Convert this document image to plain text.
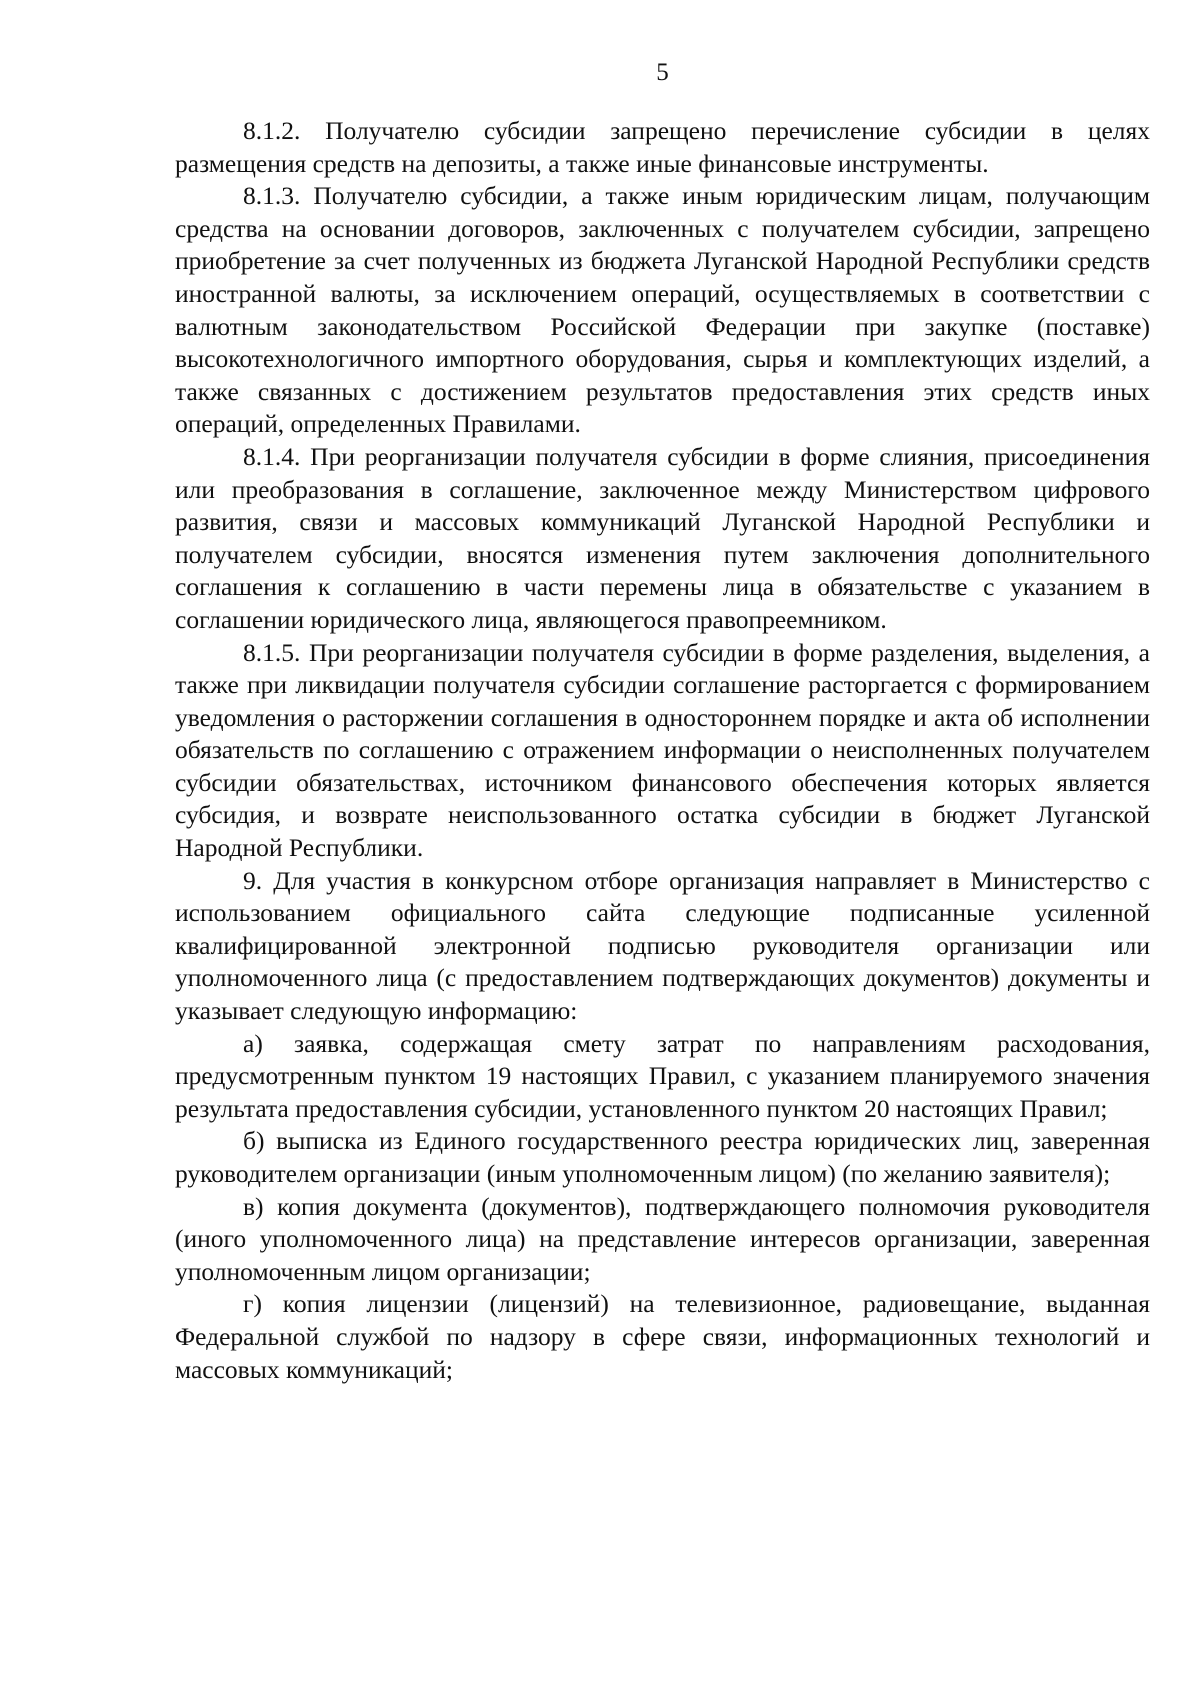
5

8.1.2. Получателю субсидии запрещено перечисление субсидии в целях размещения средств на депозиты, а также иные финансовые инструменты.

8.1.3. Получателю субсидии, а также иным юридическим лицам, получающим средства на основании договоров, заключенных с получателем субсидии, запрещено приобретение за счет полученных из бюджета Луганской Народной Республики средств иностранной валюты, за исключением операций, осуществляемых в соответствии с валютным законодательством Российской Федерации при закупке (поставке) высокотехнологичного импортного оборудования, сырья и комплектующих изделий, а также связанных с достижением результатов предоставления этих средств иных операций, определенных Правилами.

8.1.4. При реорганизации получателя субсидии в форме слияния, присоединения или преобразования в соглашение, заключенное между Министерством цифрового развития, связи и массовых коммуникаций Луганской Народной Республики и получателем субсидии, вносятся изменения путем заключения дополнительного соглашения к соглашению в части перемены лица в обязательстве с указанием в соглашении юридического лица, являющегося правопреемником.

8.1.5. При реорганизации получателя субсидии в форме разделения, выделения, а также при ликвидации получателя субсидии соглашение расторгается с формированием уведомления о расторжении соглашения в одностороннем порядке и акта об исполнении обязательств по соглашению с отражением информации о неисполненных получателем субсидии обязательствах, источником финансового обеспечения которых является субсидия, и возврате неиспользованного остатка субсидии в бюджет Луганской Народной Республики.

9. Для участия в конкурсном отборе организация направляет в Министерство с использованием официального сайта следующие подписанные усиленной квалифицированной электронной подписью руководителя организации или уполномоченного лица (с предоставлением подтверждающих документов) документы и указывает следующую информацию:

а) заявка, содержащая смету затрат по направлениям расходования, предусмотренным пунктом 19 настоящих Правил, с указанием планируемого значения результата предоставления субсидии, установленного пунктом 20 настоящих Правил;

б) выписка из Единого государственного реестра юридических лиц, заверенная руководителем организации (иным уполномоченным лицом) (по желанию заявителя);

в) копия документа (документов), подтверждающего полномочия руководителя (иного уполномоченного лица) на представление интересов организации, заверенная уполномоченным лицом организации;

г) копия лицензии (лицензий) на телевизионное, радиовещание, выданная Федеральной службой по надзору в сфере связи, информационных технологий и массовых коммуникаций;
